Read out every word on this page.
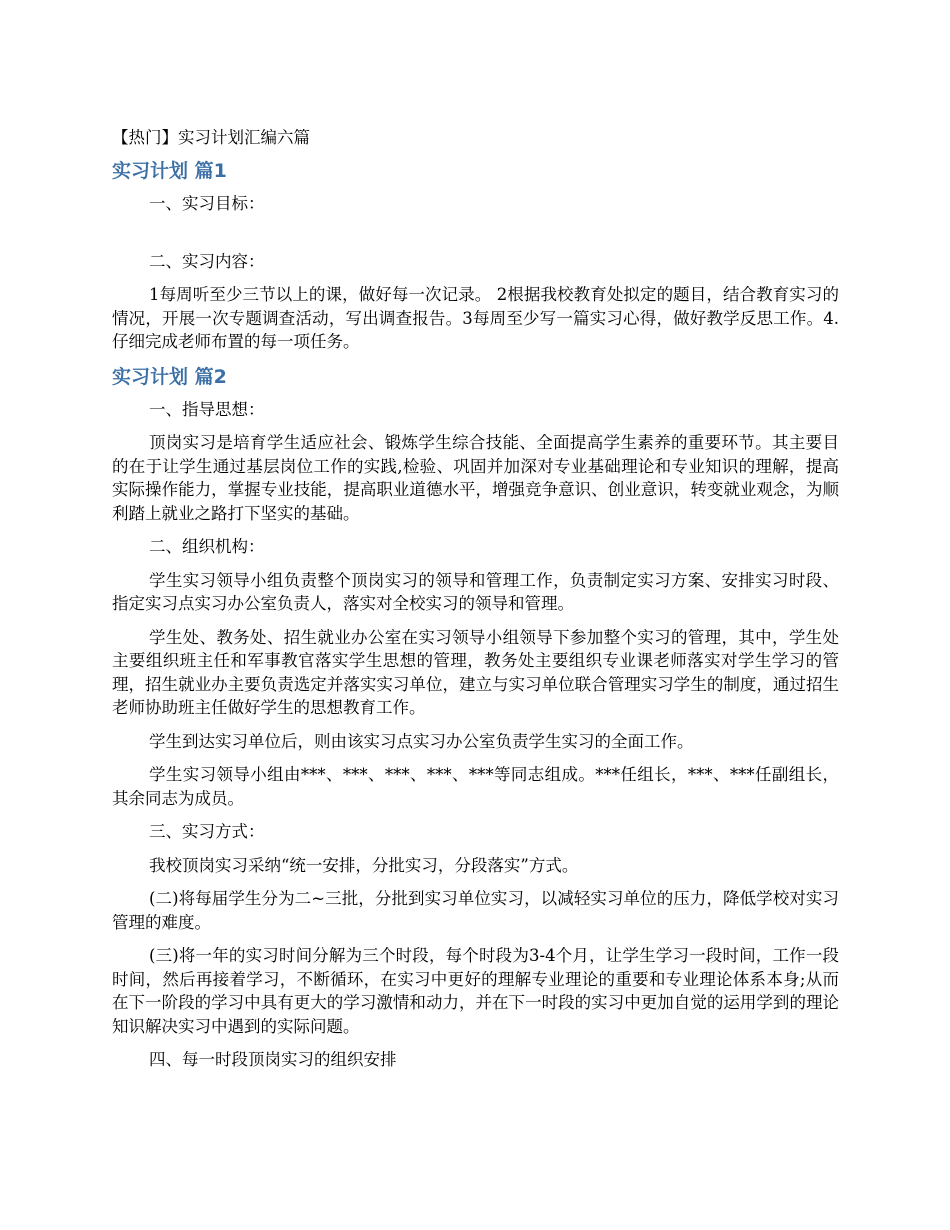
【热门】实习计划汇编六篇
实习计划 篇1

一、实习目标：

二、实习内容：

1每周听至少三节以上的课，做好每一次记录。 2根据我校教育处拟定的题目，结合教育实习的情况，开展一次专题调查活动，写出调查报告。3每周至少写一篇实习心得，做好教学反思工作。4.仔细完成老师布置的每一项任务。

实习计划 篇2

一、指导思想：

顶岗实习是培育学生适应社会、锻炼学生综合技能、全面提高学生素养的重要环节。其主要目的在于让学生通过基层岗位工作的实践,检验、巩固并加深对专业基础理论和专业知识的理解，提高实际操作能力，掌握专业技能，提高职业道德水平，增强竞争意识、创业意识，转变就业观念，为顺利踏上就业之路打下坚实的基础。

二、组织机构：

学生实习领导小组负责整个顶岗实习的领导和管理工作，负责制定实习方案、安排实习时段、指定实习点实习办公室负责人，落实对全校实习的领导和管理。

学生处、教务处、招生就业办公室在实习领导小组领导下参加整个实习的管理，其中，学生处主要组织班主任和军事教官落实学生思想的管理，教务处主要组织专业课老师落实对学生学习的管理，招生就业办主要负责选定并落实实习单位，建立与实习单位联合管理实习学生的制度，通过招生老师协助班主任做好学生的思想教育工作。

学生到达实习单位后，则由该实习点实习办公室负责学生实习的全面工作。

学生实习领导小组由***、***、***、***、***等同志组成。***任组长，***、***任副组长，其余同志为成员。

三、实习方式：

我校顶岗实习采纳“统一安排，分批实习，分段落实”方式。

(二)将每届学生分为二~三批，分批到实习单位实习，以减轻实习单位的压力，降低学校对实习管理的难度。

(三)将一年的实习时间分解为三个时段，每个时段为3-4个月，让学生学习一段时间，工作一段时间，然后再接着学习，不断循环，在实习中更好的理解专业理论的重要和专业理论体系本身;从而在下一阶段的学习中具有更大的学习激情和动力，并在下一时段的实习中更加自觉的运用学到的理论知识解决实习中遇到的实际问题。

四、每一时段顶岗实习的组织安排
